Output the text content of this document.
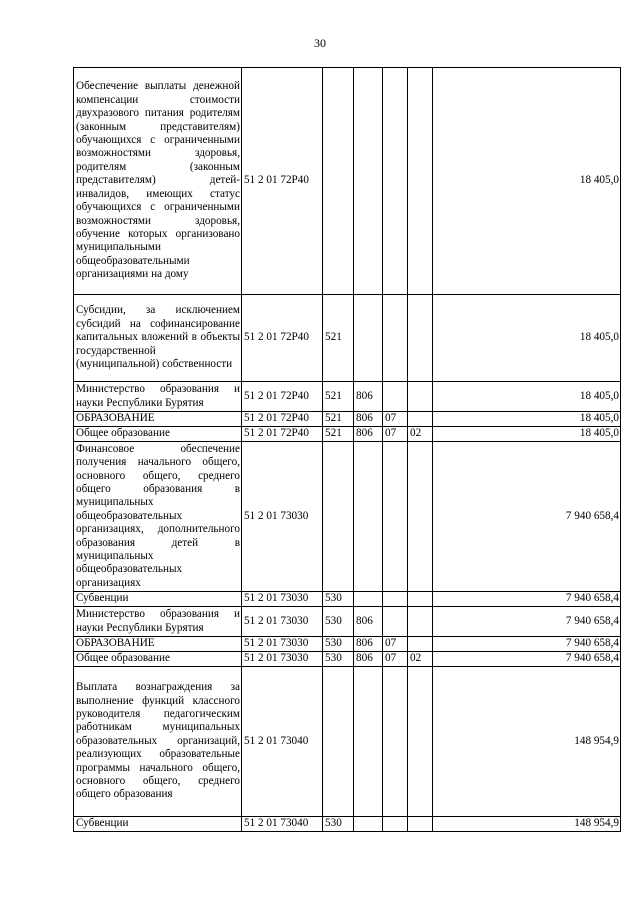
30
Обеспечение выплаты денежной компенсации стоимости двухразового питания родителям (законным представителям) обучающихся с ограниченными возможностями здоровья, родителям (законным представителям) детей-инвалидов, имеющих статус обучающихся с ограниченными возможностями здоровья, обучение которых организовано муниципальными общеобразовательными организациями на дому	51 2 01 72Р40					18 405,0
Субсидии, за исключением субсидий на софинансирование капитальных вложений в объекты государственной (муниципальной) собственности	51 2 01 72Р40	521				18 405,0
Министерство образования и науки Республики Бурятия	51 2 01 72Р40	521	806			18 405,0
ОБРАЗОВАНИЕ	51 2 01 72Р40	521	806	07		18 405,0
Общее образование	51 2 01 72Р40	521	806	07	02	18 405,0
Финансовое обеспечение получения начального общего, основного общего, среднего общего образования в муниципальных общеобразовательных организациях, дополнительного образования детей в муниципальных общеобразовательных организациях	51 2 01 73030					7 940 658,4
Субвенции	51 2 01 73030	530				7 940 658,4
Министерство образования и науки Республики Бурятия	51 2 01 73030	530	806			7 940 658,4
ОБРАЗОВАНИЕ	51 2 01 73030	530	806	07		7 940 658,4
Общее образование	51 2 01 73030	530	806	07	02	7 940 658,4
Выплата вознаграждения за выполнение функций классного руководителя педагогическим работникам муниципальных образовательных организаций, реализующих образовательные программы начального общего, основного общего, среднего общего образования	51 2 01 73040					148 954,9
Субвенции	51 2 01 73040	530				148 954,9
